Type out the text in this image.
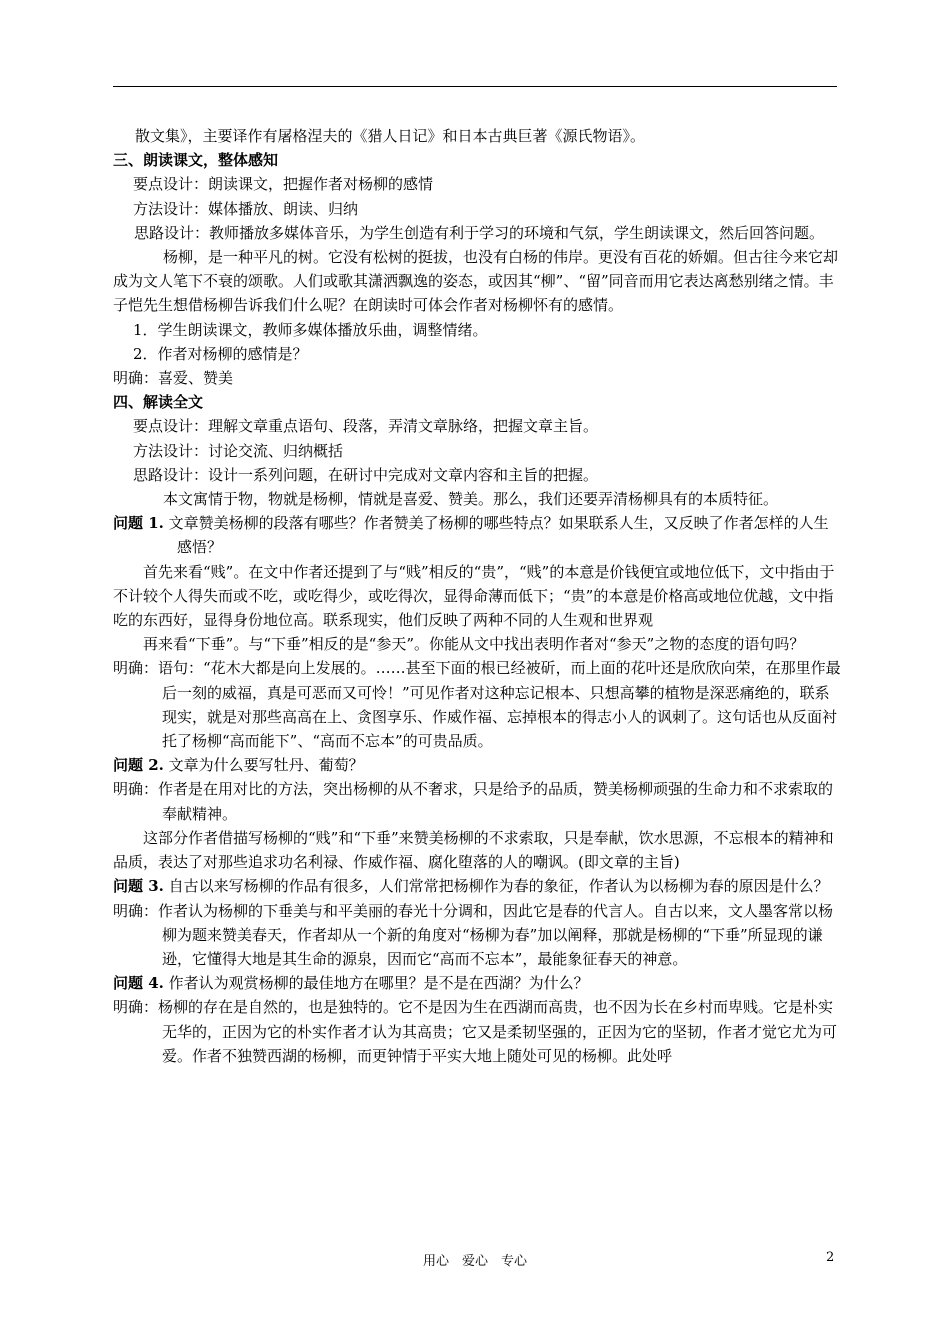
散文集》，主要译作有屠格涅夫的《猎人日记》和日本古典巨著《源氏物语》。

三、朗读课文，整体感知

要点设计：朗读课文，把握作者对杨柳的感情

方法设计：媒体播放、朗读、归纳

思路设计：教师播放多媒体音乐，为学生创造有利于学习的环境和气氛，学生朗读课文，然后回答问题。

杨柳，是一种平凡的树。它没有松树的挺拔，也没有白杨的伟岸。更没有百花的娇媚。但古往今来它却成为文人笔下不衰的颂歌。人们或歌其潇洒飘逸的姿态，或因其“柳”、“留”同音而用它表达离愁别绪之情。丰子恺先生想借杨柳告诉我们什么呢？在朗读时可体会作者对杨柳怀有的感情。

1．学生朗读课文，教师多媒体播放乐曲，调整情绪。

2．作者对杨柳的感情是？

明确：喜爱、赞美

四、解读全文

要点设计：理解文章重点语句、段落，弄清文章脉络，把握文章主旨。

方法设计：讨论交流、归纳概括

思路设计：设计一系列问题，在研讨中完成对文章内容和主旨的把握。

本文寓情于物，物就是杨柳，情就是喜爱、赞美。那么，我们还要弄清杨柳具有的本质特征。

问题 1. 文章赞美杨柳的段落有哪些？作者赞美了杨柳的哪些特点？如果联系人生，又反映了作者怎样的人生感悟？

首先来看“贱”。在文中作者还提到了与“贱”相反的“贵”，“贱”的本意是价钱便宜或地位低下，文中指由于不计较个人得失而或不吃，或吃得少，或吃得次，显得命薄而低下；“贵”的本意是价格高或地位优越，文中指吃的东西好，显得身份地位高。联系现实，他们反映了两种不同的人生观和世界观

再来看“下垂”。与“下垂”相反的是“参天”。你能从文中找出表明作者对“参天”之物的态度的语句吗？

明确：语句：“花木大都是向上发展的。……甚至下面的根已经被斫，而上面的花叶还是欣欣向荣，在那里作最后一刻的威福，真是可恶而又可怜！”可见作者对这种忘记根本、只想高攀的植物是深恶痛绝的，联系现实，就是对那些高高在上、贪图享乐、作威作福、忘掉根本的得志小人的讽刺了。这句话也从反面衬托了杨柳“高而能下”、“高而不忘本”的可贵品质。

问题 2. 文章为什么要写牡丹、葡萄？

明确：作者是在用对比的方法，突出杨柳的从不奢求，只是给予的品质，赞美杨柳顽强的生命力和不求索取的奉献精神。

这部分作者借描写杨柳的“贱”和“下垂”来赞美杨柳的不求索取，只是奉献，饮水思源，不忘根本的精神和品质，表达了对那些追求功名利禄、作威作福、腐化堕落的人的嘲讽。(即文章的主旨)

问题 3. 自古以来写杨柳的作品有很多，人们常常把杨柳作为春的象征，作者认为以杨柳为春的原因是什么？

明确：作者认为杨柳的下垂美与和平美丽的春光十分调和，因此它是春的代言人。自古以来，文人墨客常以杨柳为题来赞美春天，作者却从一个新的角度对“杨柳为春”加以阐释，那就是杨柳的“下垂”所显现的谦逊，它懂得大地是其生命的源泉，因而它“高而不忘本”，最能象征春天的神意。

问题 4. 作者认为观赏杨柳的最佳地方在哪里？是不是在西湖？为什么？

明确：杨柳的存在是自然的，也是独特的。它不是因为生在西湖而高贵，也不因为长在乡村而卑贱。它是朴实无华的，正因为它的朴实作者才认为其高贵；它又是柔韧坚强的，正因为它的坚韧，作者才觉它尤为可爱。作者不独赞西湖的杨柳，而更钟情于平实大地上随处可见的杨柳。此处呼

用心　爱心　专心	2
